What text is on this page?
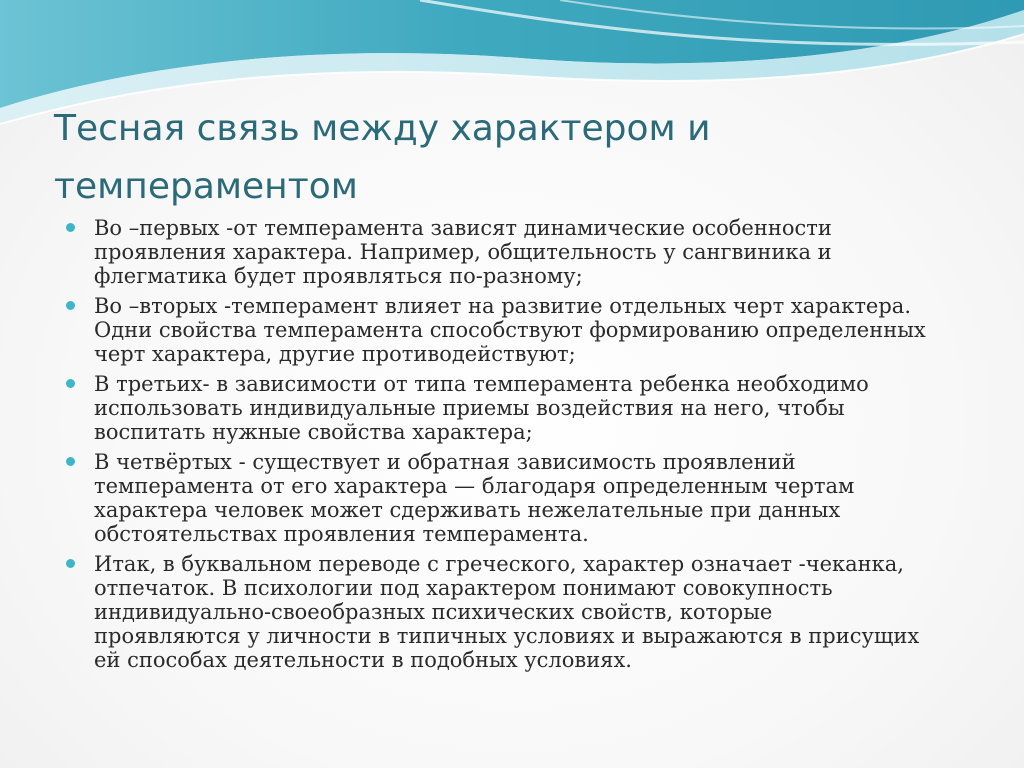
Тесная связь между характером и
темпераментом
Во –первых -от темперамента зависят динамические особенности
проявления характера. Например, общительность у сангвиника и
флегматика будет проявляться по-разному;
Во –вторых -темперамент влияет на развитие отдельных черт характера.
Одни свойства темперамента способствуют формированию определенных
черт характера, другие противодействуют;
В третьих- в зависимости от типа темперамента ребенка необходимо
использовать индивидуальные приемы воздействия на него, чтобы
воспитать нужные свойства характера;
В четвёртых - существует и обратная зависимость проявлений
темперамента от его характера — благодаря определенным чертам
характера человек может сдерживать нежелательные при данных
обстоятельствах проявления темперамента.
Итак, в буквальном переводе с греческого, характер означает -чеканка,
отпечаток. В психологии под характером понимают совокупность
индивидуально-своеобразных психических свойств, которые
проявляются у личности в типичных условиях и выражаются в присущих
ей способах деятельности в подобных условиях.
